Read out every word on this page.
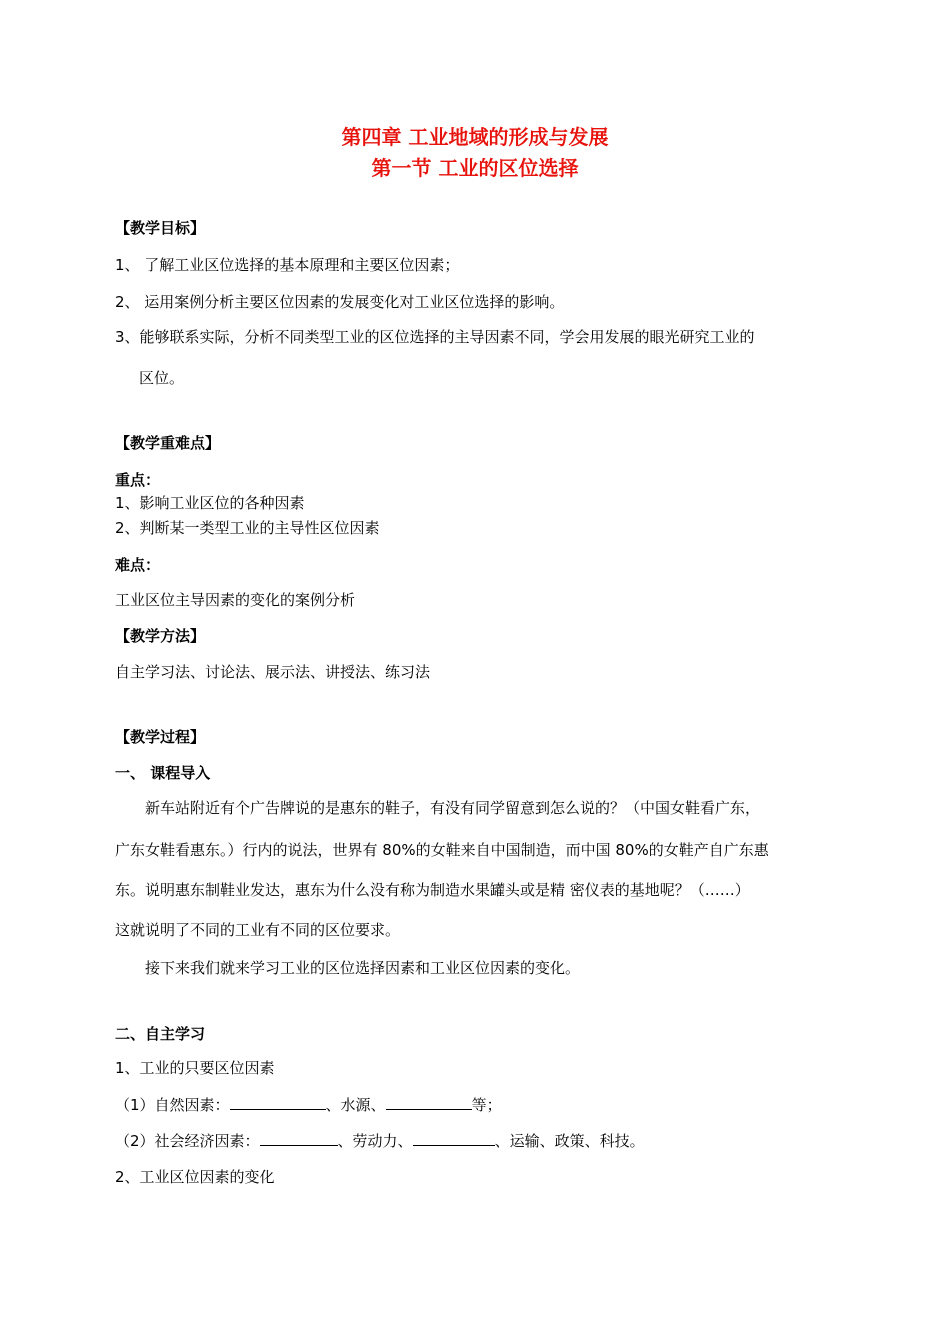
第四章 工业地域的形成与发展
第一节 工业的区位选择
【教学目标】
1、 了解工业区位选择的基本原理和主要区位因素；
2、 运用案例分析主要区位因素的发展变化对工业区位选择的影响。
3、能够联系实际，分析不同类型工业的区位选择的主导因素不同，学会用发展的眼光研究工业的
区位。
【教学重难点】
重点：
1、影响工业区位的各种因素
2、判断某一类型工业的主导性区位因素
难点：
工业区位主导因素的变化的案例分析
【教学方法】
自主学习法、讨论法、展示法、讲授法、练习法
【教学过程】
一、 课程导入
新车站附近有个广告牌说的是惠东的鞋子，有没有同学留意到怎么说的？（中国女鞋看广东，
广东女鞋看惠东。）行内的说法，世界有 80%的女鞋来自中国制造，而中国 80%的女鞋产自广东惠
东。说明惠东制鞋业发达，惠东为什么没有称为制造水果罐头或是精 密仪表的基地呢？（……）
这就说明了不同的工业有不同的区位要求。
接下来我们就来学习工业的区位选择因素和工业区位因素的变化。
二、自主学习
1、工业的只要区位因素
（1）自然因素：	、水源、	等；
（2）社会经济因素：	、劳动力、	、运输、政策、科技。
2、工业区位因素的变化
